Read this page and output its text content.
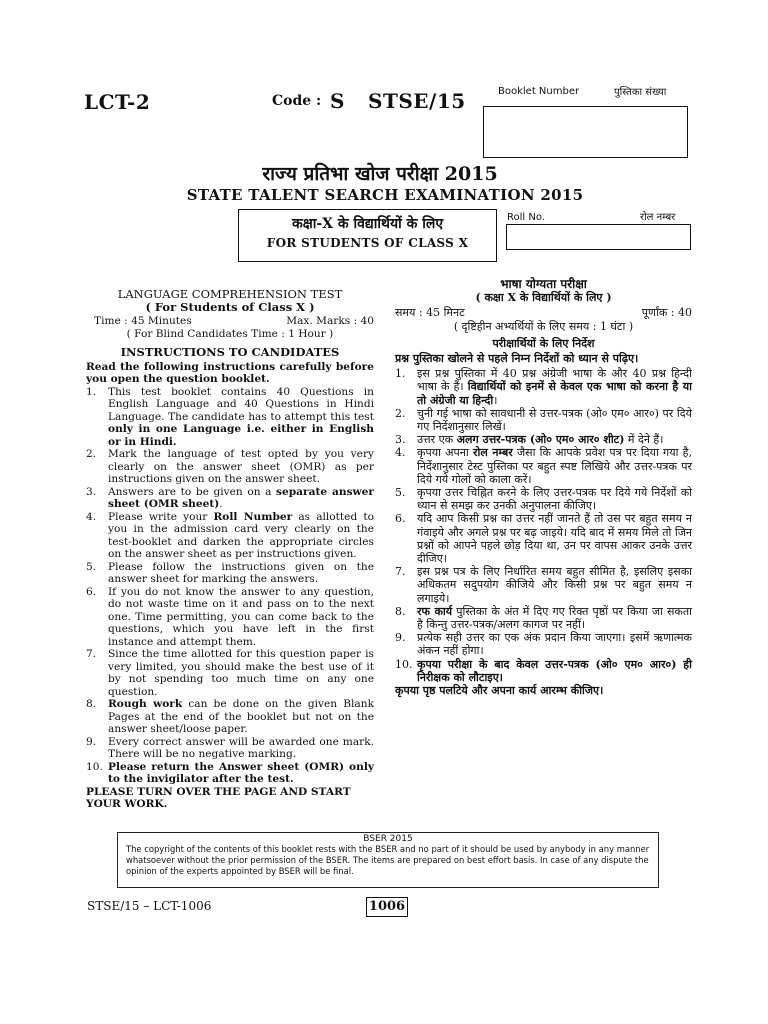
LCT-2	Code : S STSE/15	Booklet Number	पुस्तिका संख्या
राज्य प्रतिभा खोज परीक्षा 2015
STATE TALENT SEARCH EXAMINATION 2015
कक्षा-X के विद्यार्थियों के लिए
FOR STUDENTS OF CLASS X
Roll No.	रोल नम्बर

LANGUAGE COMPREHENSION TEST

( For Students of Class X )

Time : 45 Minutes	Max. Marks : 40

( For Blind Candidates Time : 1 Hour )

INSTRUCTIONS TO CANDIDATES

Read the following instructions carefully before you open the question booklet.

1. This test booklet contains 40 Questions in English Language and 40 Questions in Hindi Language. The candidate has to attempt this test only in one Language i.e. either in English or in Hindi.
2. Mark the language of test opted by you very clearly on the answer sheet (OMR) as per instructions given on the answer sheet.
3. Answers are to be given on a separate answer sheet (OMR sheet).
4. Please write your Roll Number as allotted to you in the admission card very clearly on the test-booklet and darken the appropriate circles on the answer sheet as per instructions given.
5. Please follow the instructions given on the answer sheet for marking the answers.
6. If you do not know the answer to any question, do not waste time on it and pass on to the next one. Time permitting, you can come back to the questions, which you have left in the first instance and attempt them.
7. Since the time allotted for this question paper is very limited, you should make the best use of it by not spending too much time on any one question.
8. Rough work can be done on the given Blank Pages at the end of the booklet but not on the answer sheet/loose paper.
9. Every correct answer will be awarded one mark. There will be no negative marking.
10. Please return the Answer sheet (OMR) only to the invigilator after the test.

PLEASE TURN OVER THE PAGE AND START YOUR WORK.

भाषा योग्यता परीक्षा

( कक्षा X के विद्यार्थियों के लिए )

समय : 45 मिनट	पूर्णांक : 40

( दृष्टिहीन अभ्यर्थियों के लिए समय : 1 घंटा )

परीक्षार्थियों के लिए निर्देश

प्रश्न पुस्तिका खोलने से पहले निम्न निर्देशों को ध्यान से पढ़िए।

1. इस प्रश्न पुस्तिका में 40 प्रश्न अंग्रेजी भाषा के और 40 प्रश्न हिन्दी भाषा के हैं। विद्यार्थियों को इनमें से केवल एक भाषा को करना है या तो अंग्रेजी या हिन्दी।
2. चुनी गई भाषा को सावधानी से उत्तर-पत्रक (ओ० एम० आर०) पर दिये गए निर्देशानुसार लिखें।
3. उत्तर एक अलग उत्तर-पत्रक (ओ० एम० आर० शीट) में देने हैं।
4. कृपया अपना रोल नम्बर जैसा कि आपके प्रवेश पत्र पर दिया गया है, निर्देशानुसार टेस्ट पुस्तिका पर बहुत स्पष्ट लिखिये और उत्तर-पत्रक पर दिये गये गोलों को काला करें।
5. कृपया उत्तर चिह्नित करने के लिए उत्तर-पत्रक पर दिये गये निर्देशों को ध्यान से समझ कर उनकी अनुपालना कीजिए।
6. यदि आप किसी प्रश्न का उत्तर नहीं जानते हैं तो उस पर बहुत समय न गंवाइये और अगले प्रश्न पर बढ़ जाइये। यदि बाद में समय मिले तो जिन प्रश्नों को आपने पहले छोड़ दिया था, उन पर वापस आकर उनके उत्तर दीजिए।
7. इस प्रश्न पत्र के लिए निर्धारित समय बहुत सीमित है, इसलिए इसका अधिकतम सदुपयोग कीजिये और किसी प्रश्न पर बहुत समय न लगाइये।
8. रफ कार्य पुस्तिका के अंत में दिए गए रिक्त पृष्ठों पर किया जा सकता है किन्तु उत्तर-पत्रक/अलग कागज पर नहीं।
9. प्रत्येक सही उत्तर का एक अंक प्रदान किया जाएगा। इसमें ऋणात्मक अंकन नहीं होगा।
10. कृपया परीक्षा के बाद केवल उत्तर-पत्रक (ओ० एम० आर०) ही निरीक्षक को लौटाइए।

कृपया पृष्ठ पलटिये और अपना कार्य आरम्भ कीजिए।

BSER 2015
The copyright of the contents of this booklet rests with the BSER and no part of it should be used by anybody in any manner whatsoever without the prior permission of the BSER. The items are prepared on best effort basis. In case of any dispute the opinion of the experts appointed by BSER will be final.
STSE/15 – LCT-1006	1006
